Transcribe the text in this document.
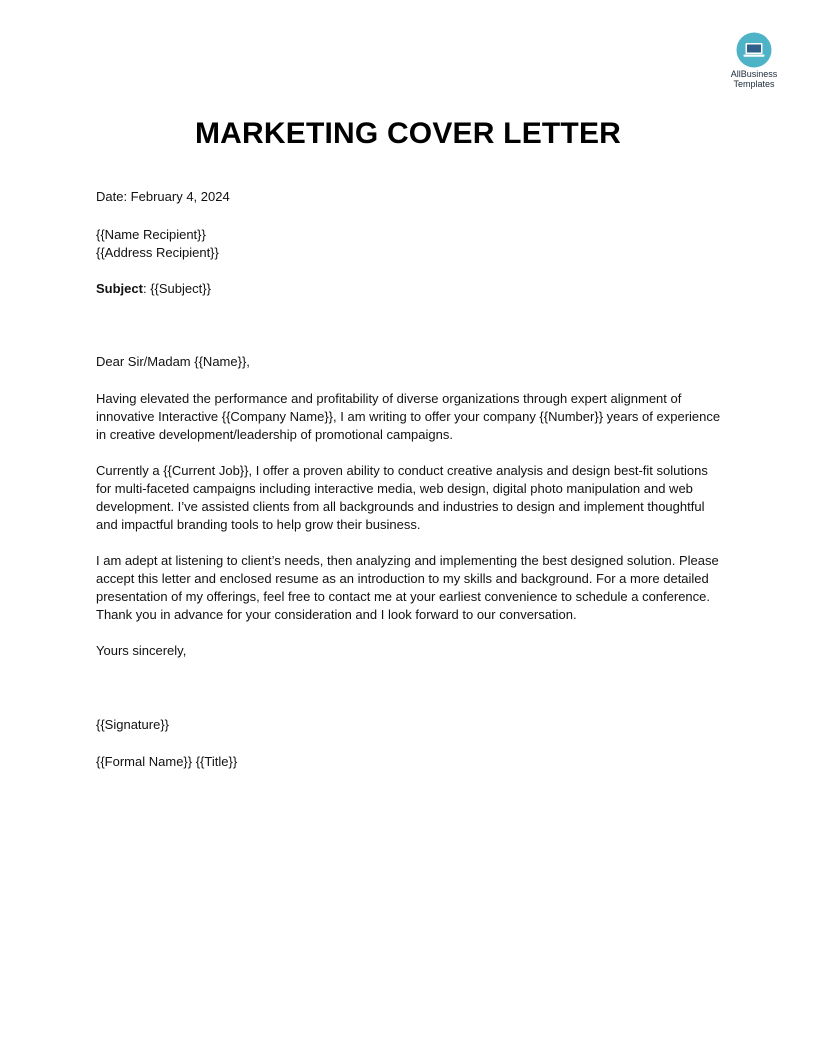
AllBusiness
Templates
MARKETING COVER LETTER

Date: February 4, 2024

{{Name Recipient}}

{{Address Recipient}}

Subject: {{Subject}}

Dear Sir/Madam {{Name}},

Having elevated the performance and profitability of diverse organizations through expert alignment of innovative Interactive {{Company Name}}, I am writing to offer your company {{Number}} years of experience in creative development/leadership of promotional campaigns.

Currently a {{Current Job}}, I offer a proven ability to conduct creative analysis and design best-fit solutions for multi-faceted campaigns including interactive media, web design, digital photo manipulation and web development. I’ve assisted clients from all backgrounds and industries to design and implement thoughtful and impactful branding tools to help grow their business.

I am adept at listening to client’s needs, then analyzing and implementing the best designed solution. Please accept this letter and enclosed resume as an introduction to my skills and background. For a more detailed presentation of my offerings, feel free to contact me at your earliest convenience to schedule a conference. Thank you in advance for your consideration and I look forward to our conversation.

Yours sincerely,

{{Signature}}

{{Formal Name}} {{Title}}
